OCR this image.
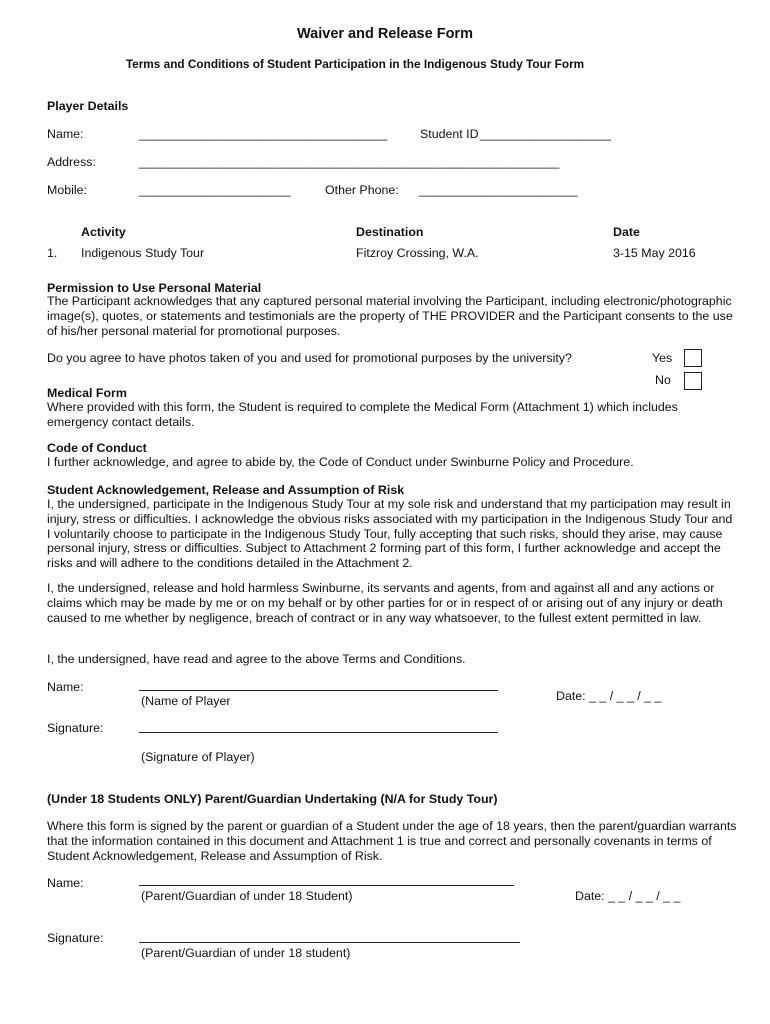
Waiver and Release Form
Terms and Conditions of Student Participation in the Indigenous Study Tour Form
Player Details
Name:	____________________________________	Student ID ___________________
Address:	_____________________________________________________________
Mobile:	______________________	Other Phone: _______________________
Activity	Destination	Date
1. Indigenous Study Tour	Fitzroy Crossing, W.A.	3-15 May 2016
Permission to Use Personal Material
The Participant acknowledges that any captured personal material involving the Participant, including electronic/photographic image(s), quotes, or statements and testimonials are the property of THE PROVIDER and the Participant consents to the use of his/her personal material for promotional purposes.
Do you agree to have photos taken of you and used for promotional purposes by the university?	Yes
No
Medical Form
Where provided with this form, the Student is required to complete the Medical Form (Attachment 1) which includes emergency contact details.
Code of Conduct
I further acknowledge, and agree to abide by, the Code of Conduct under Swinburne Policy and Procedure.
Student Acknowledgement, Release and Assumption of Risk
I, the undersigned, participate in the Indigenous Study Tour at my sole risk and understand that my participation may result in injury, stress or difficulties. I acknowledge the obvious risks associated with my participation in the Indigenous Study Tour and I voluntarily choose to participate in the Indigenous Study Tour, fully accepting that such risks, should they arise, may cause personal injury, stress or difficulties. Subject to Attachment 2 forming part of this form, I further acknowledge and accept the risks and will adhere to the conditions detailed in the Attachment 2.
I, the undersigned, release and hold harmless Swinburne, its servants and agents, from and against all and any actions or claims which may be made by me or on my behalf or by other parties for or in respect of or arising out of any injury or death caused to me whether by negligence, breach of contract or in any way whatsoever, to the fullest extent permitted in law.
I, the undersigned, have read and agree to the above Terms and Conditions.
Name:
(Name of Player	Date: _ _ / _ _ / _ _
Signature:
(Signature of Player)
(Under 18 Students ONLY) Parent/Guardian Undertaking (N/A for Study Tour)
Where this form is signed by the parent or guardian of a Student under the age of 18 years, then the parent/guardian warrants that the information contained in this document and Attachment 1 is true and correct and personally covenants in terms of Student Acknowledgement, Release and Assumption of Risk.
Name:
(Parent/Guardian of under 18 Student)	Date: _ _ / _ _ / _ _
Signature:
(Parent/Guardian of under 18 student)
